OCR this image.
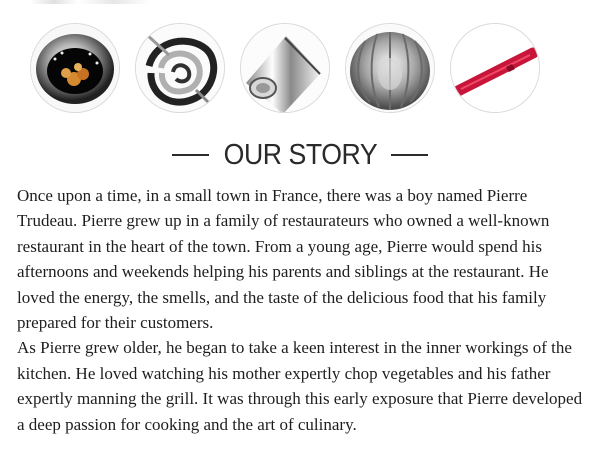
OUR STORY

Once upon a time, in a small town in France, there was a boy named Pierre Trudeau. Pierre grew up in a family of restaurateurs who owned a well-known restaurant in the heart of the town. From a young age, Pierre would spend his afternoons and weekends helping his parents and siblings at the restaurant. He loved the energy, the smells, and the taste of the delicious food that his family prepared for their customers.

As Pierre grew older, he began to take a keen interest in the inner workings of the kitchen. He loved watching his mother expertly chop vegetables and his father expertly manning the grill. It was through this early exposure that Pierre developed a deep passion for cooking and the art of culinary.
